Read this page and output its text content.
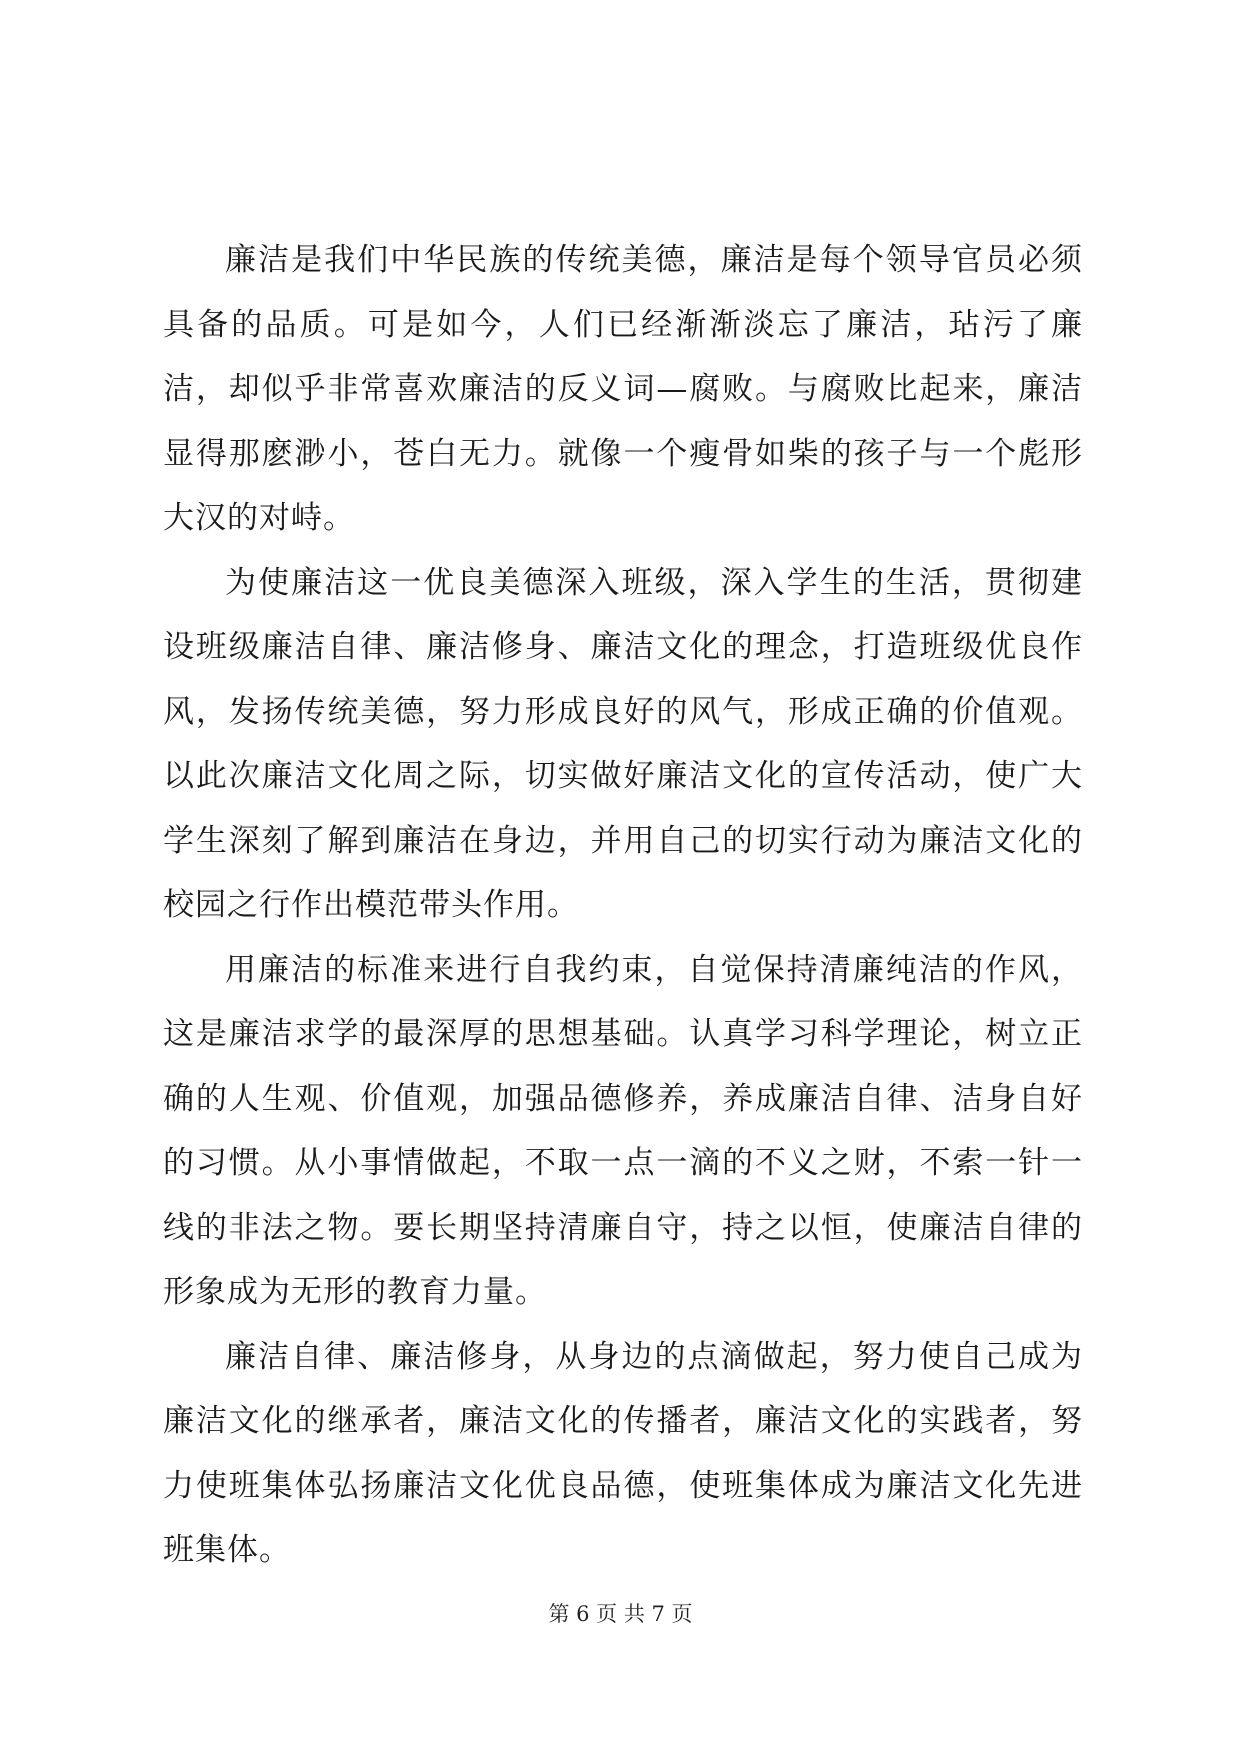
廉洁是我们中华民族的传统美德，廉洁是每个领导官员必须具备的品质。可是如今，人们已经渐渐淡忘了廉洁，玷污了廉洁，却似乎非常喜欢廉洁的反义词—腐败。与腐败比起来，廉洁显得那麽渺小，苍白无力。就像一个瘦骨如柴的孩子与一个彪形大汉的对峙。

为使廉洁这一优良美德深入班级，深入学生的生活，贯彻建设班级廉洁自律、廉洁修身、廉洁文化的理念，打造班级优良作风，发扬传统美德，努力形成良好的风气，形成正确的价值观。以此次廉洁文化周之际，切实做好廉洁文化的宣传活动，使广大学生深刻了解到廉洁在身边，并用自己的切实行动为廉洁文化的校园之行作出模范带头作用。

用廉洁的标准来进行自我约束，自觉保持清廉纯洁的作风，这是廉洁求学的最深厚的思想基础。认真学习科学理论，树立正确的人生观、价值观，加强品德修养，养成廉洁自律、洁身自好的习惯。从小事情做起，不取一点一滴的不义之财，不索一针一线的非法之物。要长期坚持清廉自守，持之以恒，使廉洁自律的形象成为无形的教育力量。

廉洁自律、廉洁修身，从身边的点滴做起，努力使自己成为廉洁文化的继承者，廉洁文化的传播者，廉洁文化的实践者，努力使班集体弘扬廉洁文化优良品德，使班集体成为廉洁文化先进班集体。

第 6 页 共 7 页
